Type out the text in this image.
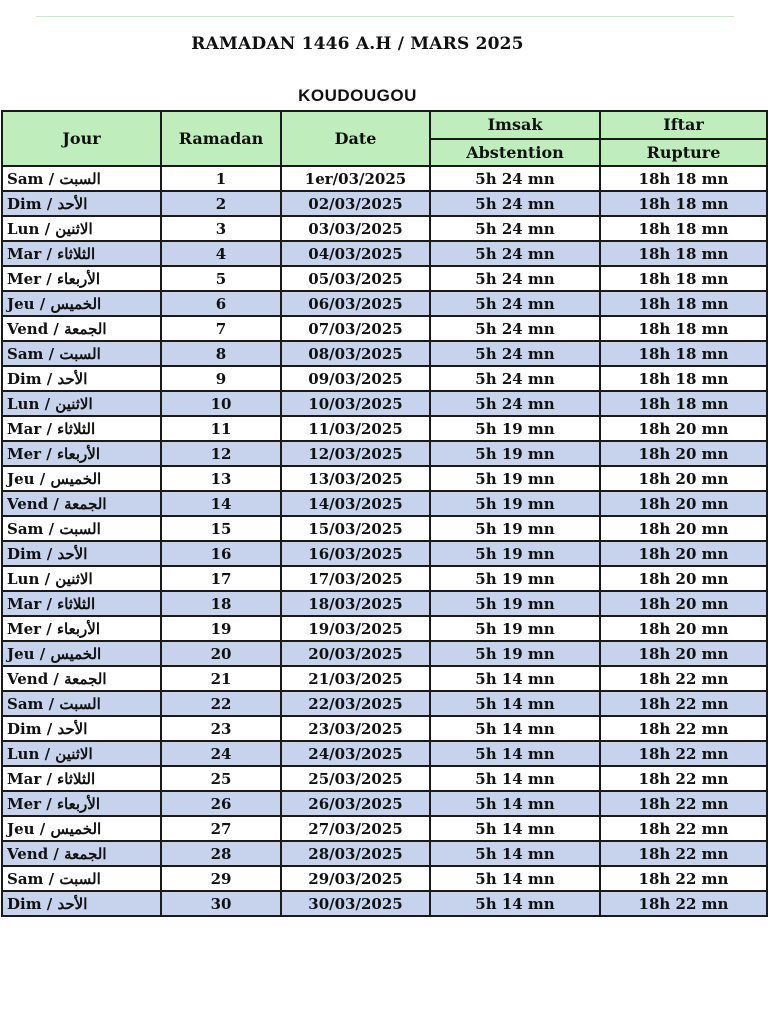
RAMADAN 1446 A.H / MARS 2025
KOUDOUGOU
Jour	Ramadan	Date	Imsak	Iftar
			Abstention	Rupture
Sam / السبت	1	1er/03/2025	5h 24 mn	18h 18 mn
Dim / الأحد	2	02/03/2025	5h 24 mn	18h 18 mn
Lun / الاثنين	3	03/03/2025	5h 24 mn	18h 18 mn
Mar / الثلاثاء	4	04/03/2025	5h 24 mn	18h 18 mn
Mer / الأربعاء	5	05/03/2025	5h 24 mn	18h 18 mn
Jeu / الخميس	6	06/03/2025	5h 24 mn	18h 18 mn
Vend / الجمعة	7	07/03/2025	5h 24 mn	18h 18 mn
Sam / السبت	8	08/03/2025	5h 24 mn	18h 18 mn
Dim / الأحد	9	09/03/2025	5h 24 mn	18h 18 mn
Lun / الاثنين	10	10/03/2025	5h 24 mn	18h 18 mn
Mar / الثلاثاء	11	11/03/2025	5h 19 mn	18h 20 mn
Mer / الأربعاء	12	12/03/2025	5h 19 mn	18h 20 mn
Jeu / الخميس	13	13/03/2025	5h 19 mn	18h 20 mn
Vend / الجمعة	14	14/03/2025	5h 19 mn	18h 20 mn
Sam / السبت	15	15/03/2025	5h 19 mn	18h 20 mn
Dim / الأحد	16	16/03/2025	5h 19 mn	18h 20 mn
Lun / الاثنين	17	17/03/2025	5h 19 mn	18h 20 mn
Mar / الثلاثاء	18	18/03/2025	5h 19 mn	18h 20 mn
Mer / الأربعاء	19	19/03/2025	5h 19 mn	18h 20 mn
Jeu / الخميس	20	20/03/2025	5h 19 mn	18h 20 mn
Vend / الجمعة	21	21/03/2025	5h 14 mn	18h 22 mn
Sam / السبت	22	22/03/2025	5h 14 mn	18h 22 mn
Dim / الأحد	23	23/03/2025	5h 14 mn	18h 22 mn
Lun / الاثنين	24	24/03/2025	5h 14 mn	18h 22 mn
Mar / الثلاثاء	25	25/03/2025	5h 14 mn	18h 22 mn
Mer / الأربعاء	26	26/03/2025	5h 14 mn	18h 22 mn
Jeu / الخميس	27	27/03/2025	5h 14 mn	18h 22 mn
Vend / الجمعة	28	28/03/2025	5h 14 mn	18h 22 mn
Sam / السبت	29	29/03/2025	5h 14 mn	18h 22 mn
Dim / الأحد	30	30/03/2025	5h 14 mn	18h 22 mn
